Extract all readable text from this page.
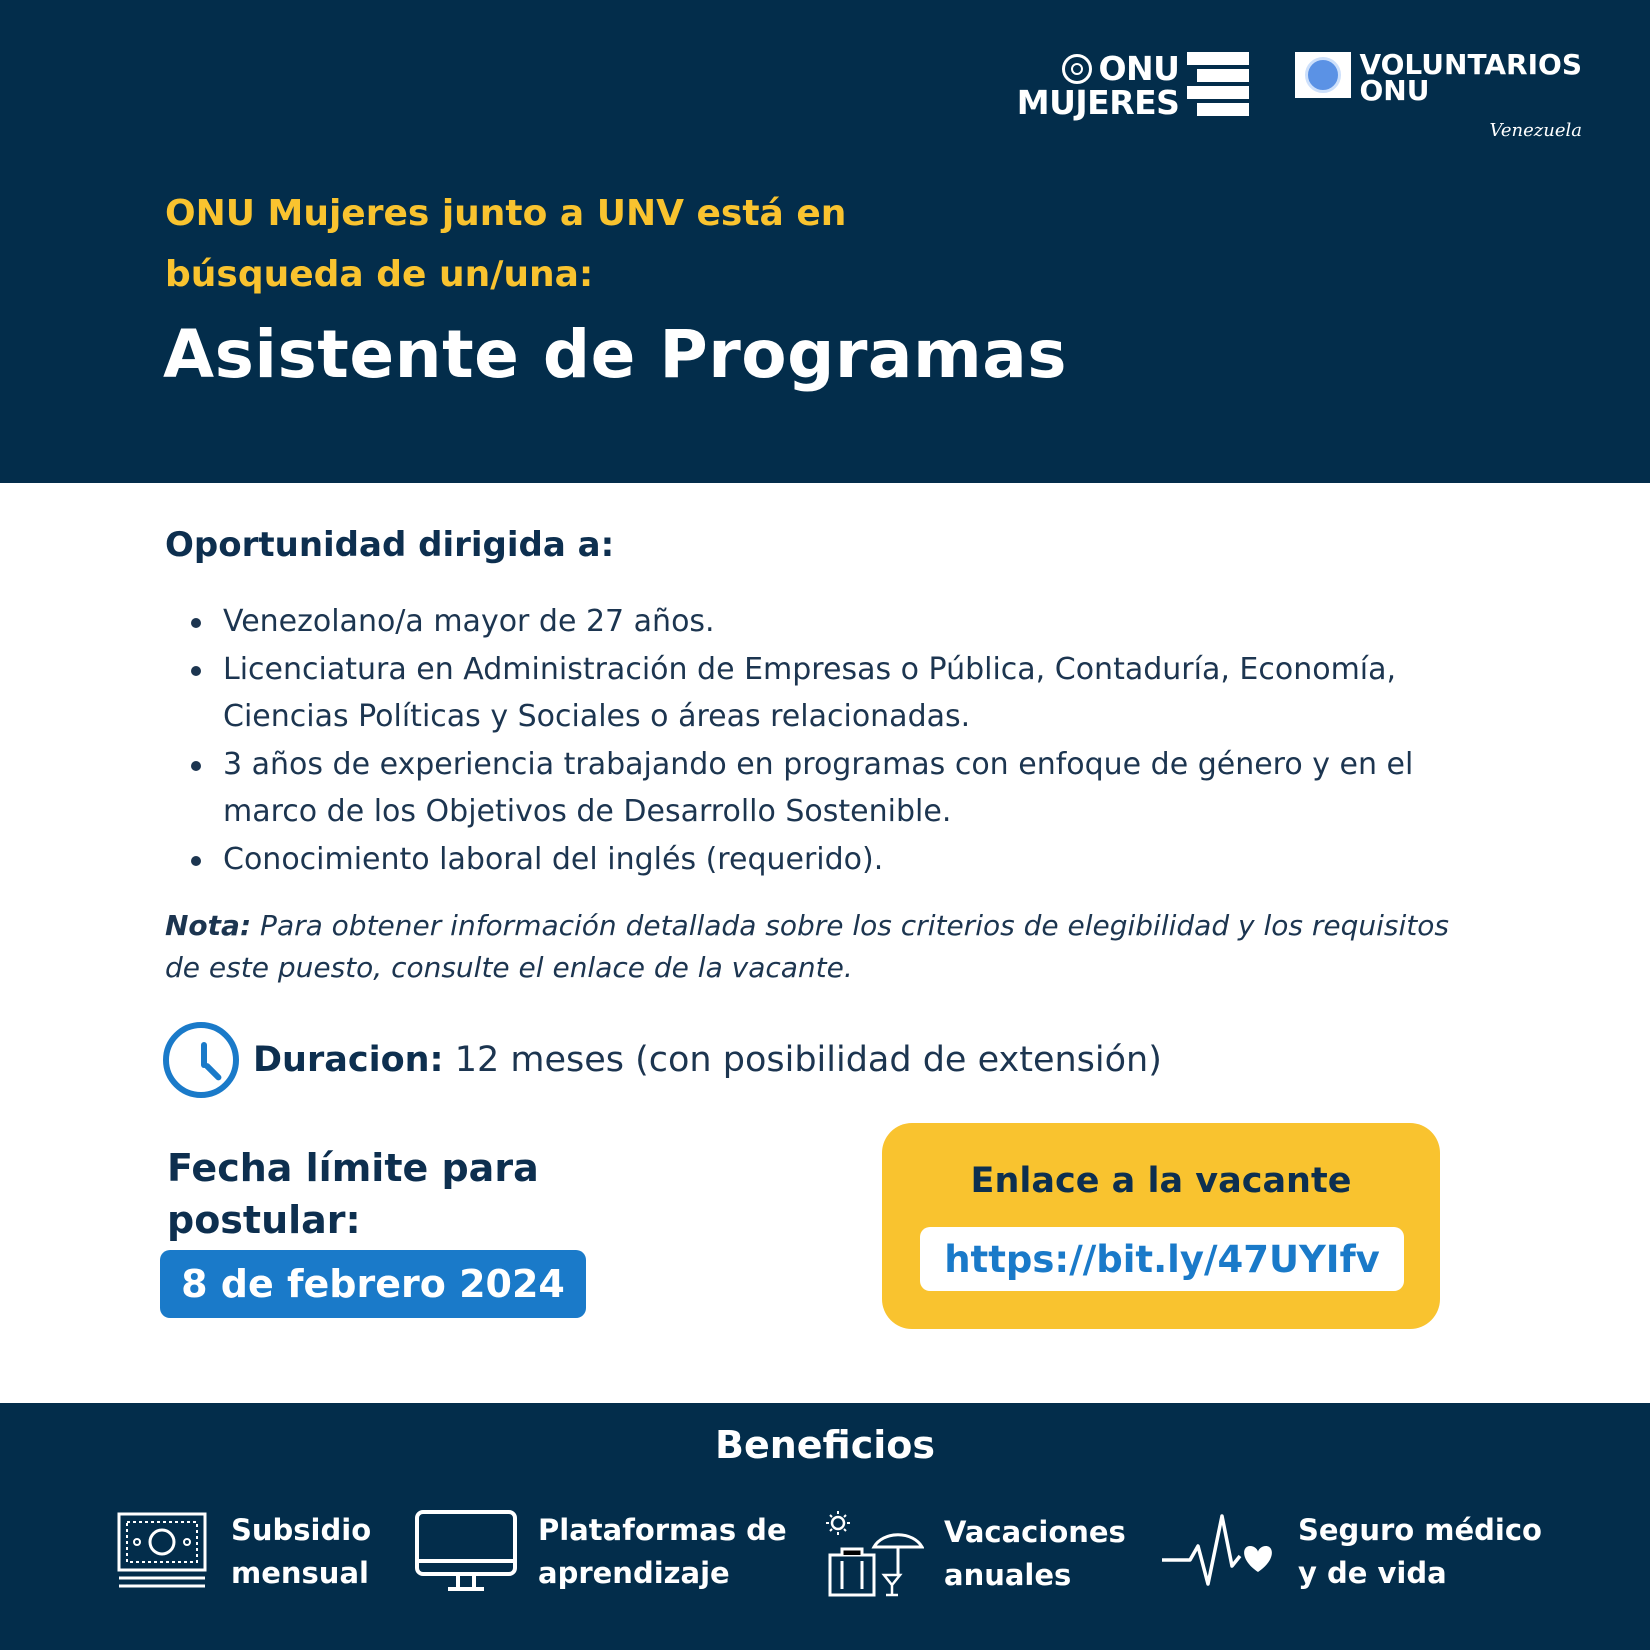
ONU
MUJERES
VOLUNTARIOS
ONU
Venezuela
ONU Mujeres junto a UNV está en búsqueda de un/una:
Asistente de Programas
Oportunidad dirigida a:
Venezolano/a mayor de 27 años.
Licenciatura en Administración de Empresas o Pública, Contaduría, Economía, Ciencias Políticas y Sociales o áreas relacionadas.
3 años de experiencia trabajando en programas con enfoque de género y en el marco de los Objetivos de Desarrollo Sostenible.
Conocimiento laboral del inglés (requerido).

Nota: Para obtener información detallada sobre los criterios de elegibilidad y los requisitos de este puesto, consulte el enlace de la vacante.

Duracion: 12 meses (con posibilidad de extensión)
Fecha límite para postular:
8 de febrero 2024
Enlace a la vacante
https://bit.ly/47UYIfv
Beneficios
Subsidio
mensual
Plataformas de
aprendizaje
Vacaciones
anuales
Seguro médico
y de vida
